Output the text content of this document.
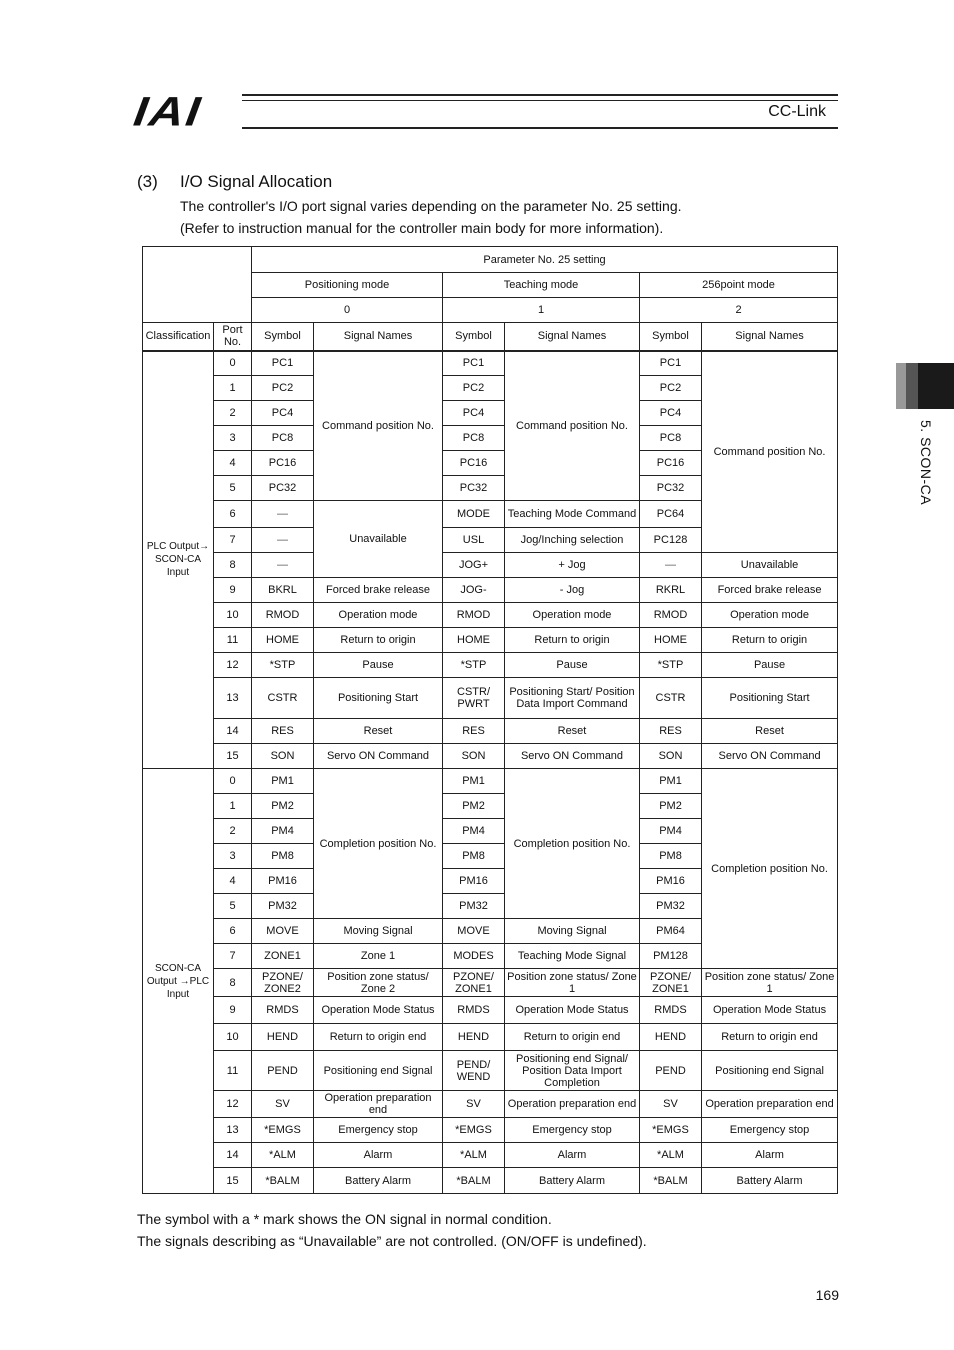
IAI	CC-Link
5. SCON-CA
(3) I/O Signal Allocation
The controller's I/O port signal varies depending on the parameter No. 25 setting.
(Refer to instruction manual for the controller main body for more information).
		Parameter No. 25 setting					
		Positioning mode		Teaching mode		256point mode	
		0		1		2	
Classification	Port No.	Symbol	Signal Names	Symbol	Signal Names	Symbol	Signal Names
PLC Output→ SCON-CA Input	0	PC1	Command position No.	PC1	Command position No.	PC1	Command position No.
	1	PC2		PC2		PC2	
	2	PC4		PC4		PC4	
	3	PC8		PC8		PC8	
	4	PC16		PC16		PC16	
	5	PC32		PC32		PC32	
	6	—	Unavailable	MODE	Teaching Mode Command	PC64	
	7	—		USL	Jog/Inching selection	PC128	
	8	—		JOG+	+ Jog	—	Unavailable
	9	BKRL	Forced brake release	JOG-	- Jog	RKRL	Forced brake release
	10	RMOD	Operation mode	RMOD	Operation mode	RMOD	Operation mode
	11	HOME	Return to origin	HOME	Return to origin	HOME	Return to origin
	12	*STP	Pause	*STP	Pause	*STP	Pause
	13	CSTR	Positioning Start	CSTR/ PWRT	Positioning Start/ Position Data Import Command	CSTR	Positioning Start
	14	RES	Reset	RES	Reset	RES	Reset
	15	SON	Servo ON Command	SON	Servo ON Command	SON	Servo ON Command
SCON-CA Output →PLC Input	0	PM1	Completion position No.	PM1	Completion position No.	PM1	Completion position No.
	1	PM2		PM2		PM2	
	2	PM4		PM4		PM4	
	3	PM8		PM8		PM8	
	4	PM16		PM16		PM16	
	5	PM32		PM32		PM32	
	6	MOVE	Moving Signal	MOVE	Moving Signal	PM64	
	7	ZONE1	Zone 1	MODES	Teaching Mode Signal	PM128	
	8	PZONE/ ZONE2	Position zone status/ Zone 2	PZONE/ ZONE1	Position zone status/ Zone 1	PZONE/ ZONE1	Position zone status/ Zone 1
	9	RMDS	Operation Mode Status	RMDS	Operation Mode Status	RMDS	Operation Mode Status
	10	HEND	Return to origin end	HEND	Return to origin end	HEND	Return to origin end
	11	PEND	Positioning end Signal	PEND/ WEND	Positioning end Signal/ Position Data Import Completion	PEND	Positioning end Signal
	12	SV	Operation preparation end	SV	Operation preparation end	SV	Operation preparation end
	13	*EMGS	Emergency stop	*EMGS	Emergency stop	*EMGS	Emergency stop
	14	*ALM	Alarm	*ALM	Alarm	*ALM	Alarm
	15	*BALM	Battery Alarm	*BALM	Battery Alarm	*BALM	Battery Alarm
The symbol with a * mark shows the ON signal in normal condition.
The signals describing as “Unavailable” are not controlled. (ON/OFF is undefined).
169
